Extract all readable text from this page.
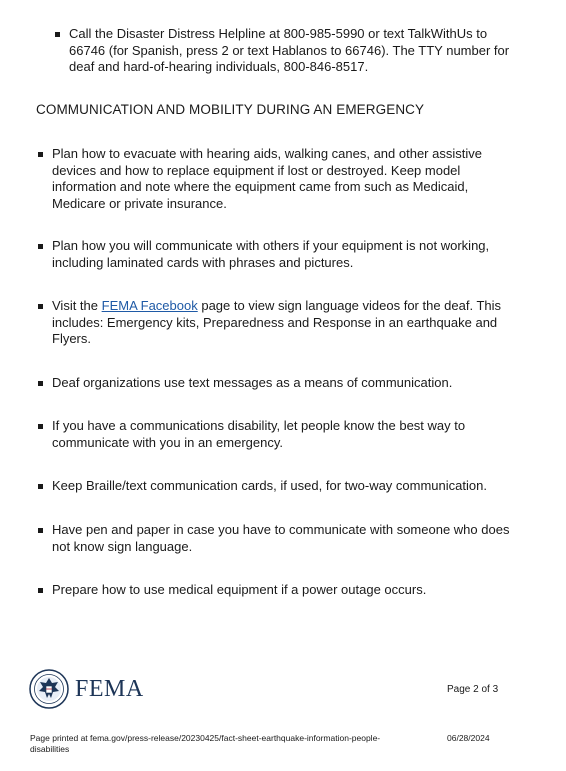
Call the Disaster Distress Helpline at 800-985-5990 or text TalkWithUs to
66746 (for Spanish, press 2 or text Hablanos to 66746). The TTY number for
deaf and hard-of-hearing individuals, 800-846-8517.
COMMUNICATION AND MOBILITY DURING AN EMERGENCY
Plan how to evacuate with hearing aids, walking canes, and other assistive
devices and how to replace equipment if lost or destroyed. Keep model
information and note where the equipment came from such as Medicaid,
Medicare or private insurance.
Plan how you will communicate with others if your equipment is not working,
including laminated cards with phrases and pictures.
Visit the FEMA Facebook page to view sign language videos for the deaf. This
includes: Emergency kits, Preparedness and Response in an earthquake and
Flyers.
Deaf organizations use text messages as a means of communication.
If you have a communications disability, let people know the best way to
communicate with you in an emergency.
Keep Braille/text communication cards, if used, for two-way communication.
Have pen and paper in case you have to communicate with someone who does
not know sign language.
Prepare how to use medical equipment if a power outage occurs.
FEMA	Page 2 of 3
Page printed at fema.gov/press-release/20230425/fact-sheet-earthquake-information-people-
disabilities
06/28/2024
